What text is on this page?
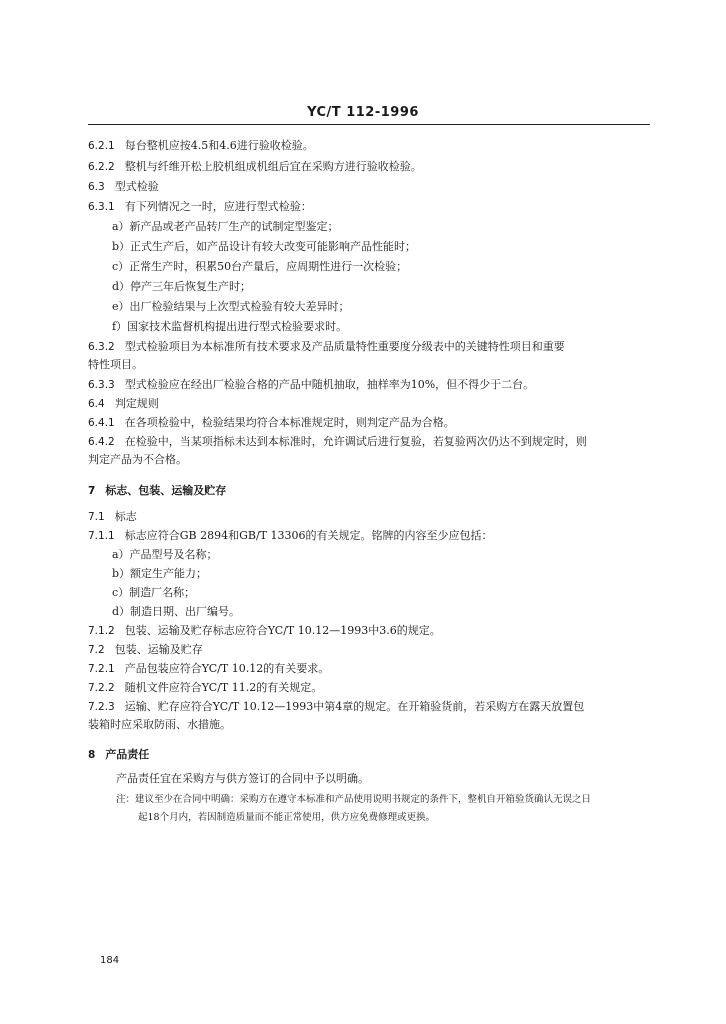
YC/T 112-1996
6.2.1 每台整机应按4.5和4.6进行验收检验。
6.2.2 整机与纤维开松上胶机组成机组后宜在采购方进行验收检验。
6.3 型式检验
6.3.1 有下列情况之一时，应进行型式检验：
a）新产品或老产品转厂生产的试制定型鉴定；
b）正式生产后，如产品设计有较大改变可能影响产品性能时；
c）正常生产时，积累50台产量后，应周期性进行一次检验；
d）停产三年后恢复生产时；
e）出厂检验结果与上次型式检验有较大差异时；
f）国家技术监督机构提出进行型式检验要求时。
6.3.2 型式检验项目为本标准所有技术要求及产品质量特性重要度分级表中的关键特性项目和重要
特性项目。
6.3.3 型式检验应在经出厂检验合格的产品中随机抽取，抽样率为10%，但不得少于二台。
6.4 判定规则
6.4.1 在各项检验中，检验结果均符合本标准规定时，则判定产品为合格。
6.4.2 在检验中，当某项指标未达到本标准时，允许调试后进行复验，若复验两次仍达不到规定时，则
判定产品为不合格。
7 标志、包装、运输及贮存
7.1 标志
7.1.1 标志应符合GB 2894和GB/T 13306的有关规定。铭牌的内容至少应包括：
a）产品型号及名称；
b）额定生产能力；
c）制造厂名称；
d）制造日期、出厂编号。
7.1.2 包装、运输及贮存标志应符合YC/T 10.12—1993中3.6的规定。
7.2 包装、运输及贮存
7.2.1 产品包装应符合YC/T 10.12的有关要求。
7.2.2 随机文件应符合YC/T 11.2的有关规定。
7.2.3 运输、贮存应符合YC/T 10.12—1993中第4章的规定。在开箱验货前，若采购方在露天放置包
装箱时应采取防雨、水措施。
8 产品责任
产品责任宜在采购方与供方签订的合同中予以明确。
注：建议至少在合同中明确：采购方在遵守本标准和产品使用说明书规定的条件下，整机自开箱验货确认无误之日
起18个月内，若因制造质量而不能正常使用，供方应免费修理或更换。
184
